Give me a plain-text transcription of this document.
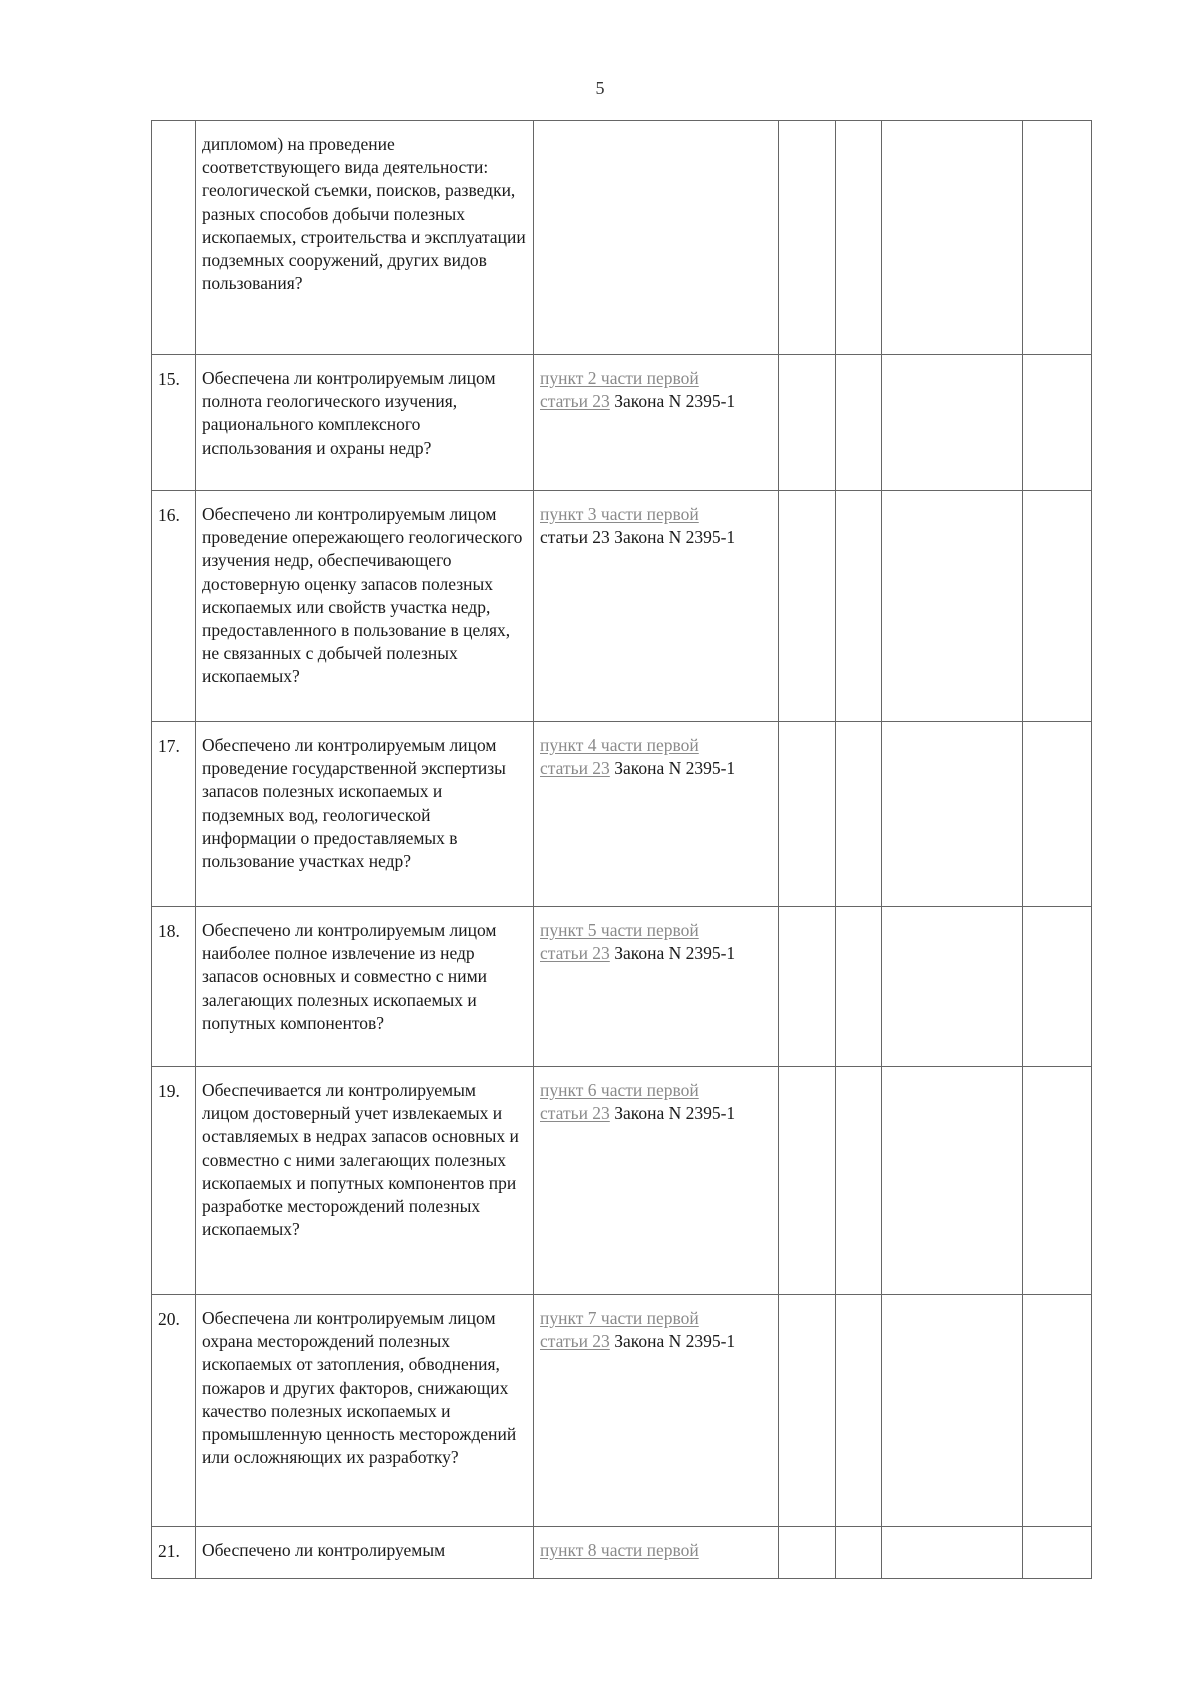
5
	дипломом) на проведение соответствующего вида деятельности: геологической съемки, поисков, разведки, разных способов добычи полезных ископаемых, строительства и эксплуатации подземных сооружений, других видов пользования?					
15.	Обеспечена ли контролируемым лицом полнота геологического изучения, рационального комплексного использования и охраны недр?	пункт 2 части первой
статьи 23 Закона N 2395-1				
16.	Обеспечено ли контролируемым лицом проведение опережающего геологического изучения недр, обеспечивающего достоверную оценку запасов полезных ископаемых или свойств участка недр, предоставленного в пользование в целях, не связанных с добычей полезных ископаемых?	пункт 3 части первой
статьи 23 Закона N 2395-1				
17.	Обеспечено ли контролируемым лицом проведение государственной экспертизы запасов полезных ископаемых и подземных вод, геологической информации о предоставляемых в пользование участках недр?	пункт 4 части первой
статьи 23 Закона N 2395-1				
18.	Обеспечено ли контролируемым лицом наиболее полное извлечение из недр запасов основных и совместно с ними залегающих полезных ископаемых и попутных компонентов?	пункт 5 части первой
статьи 23 Закона N 2395-1				
19.	Обеспечивается ли контролируемым лицом достоверный учет извлекаемых и оставляемых в недрах запасов основных и совместно с ними залегающих полезных ископаемых и попутных компонентов при разработке месторождений полезных ископаемых?	пункт 6 части первой
статьи 23 Закона N 2395-1				
20.	Обеспечена ли контролируемым лицом охрана месторождений полезных ископаемых от затопления, обводнения, пожаров и других факторов, снижающих качество полезных ископаемых и промышленную ценность месторождений или осложняющих их разработку?	пункт 7 части первой
статьи 23 Закона N 2395-1				
21.	Обеспечено ли контролируемым	пункт 8 части первой
